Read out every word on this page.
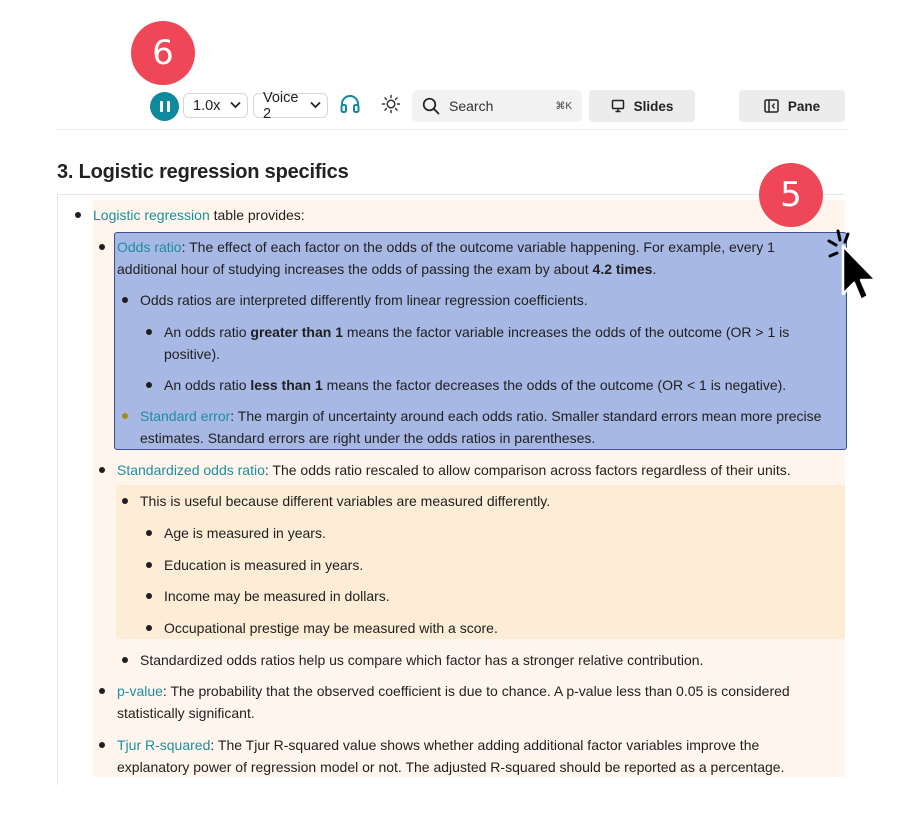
6
1.0x	Voice 2	Search	⌘K	Slides	Pane
3. Logistic regression specifics
5
Logistic regression table provides:
Odds ratio: The effect of each factor on the odds of the outcome variable happening. For example, every 1
additional hour of studying increases the odds of passing the exam by about 4.2 times.
Odds ratios are interpreted differently from linear regression coefficients.
An odds ratio greater than 1 means the factor variable increases the odds of the outcome (OR > 1 is
positive).
An odds ratio less than 1 means the factor decreases the odds of the outcome (OR < 1 is negative).
Standard error: The margin of uncertainty around each odds ratio. Smaller standard errors mean more precise
estimates. Standard errors are right under the odds ratios in parentheses.
Standardized odds ratio: The odds ratio rescaled to allow comparison across factors regardless of their units.
This is useful because different variables are measured differently.
Age is measured in years.
Education is measured in years.
Income may be measured in dollars.
Occupational prestige may be measured with a score.
Standardized odds ratios help us compare which factor has a stronger relative contribution.
p-value: The probability that the observed coefficient is due to chance. A p-value less than 0.05 is considered
statistically significant.
Tjur R-squared: The Tjur R-squared value shows whether adding additional factor variables improve the
explanatory power of regression model or not. The adjusted R-squared should be reported as a percentage.
